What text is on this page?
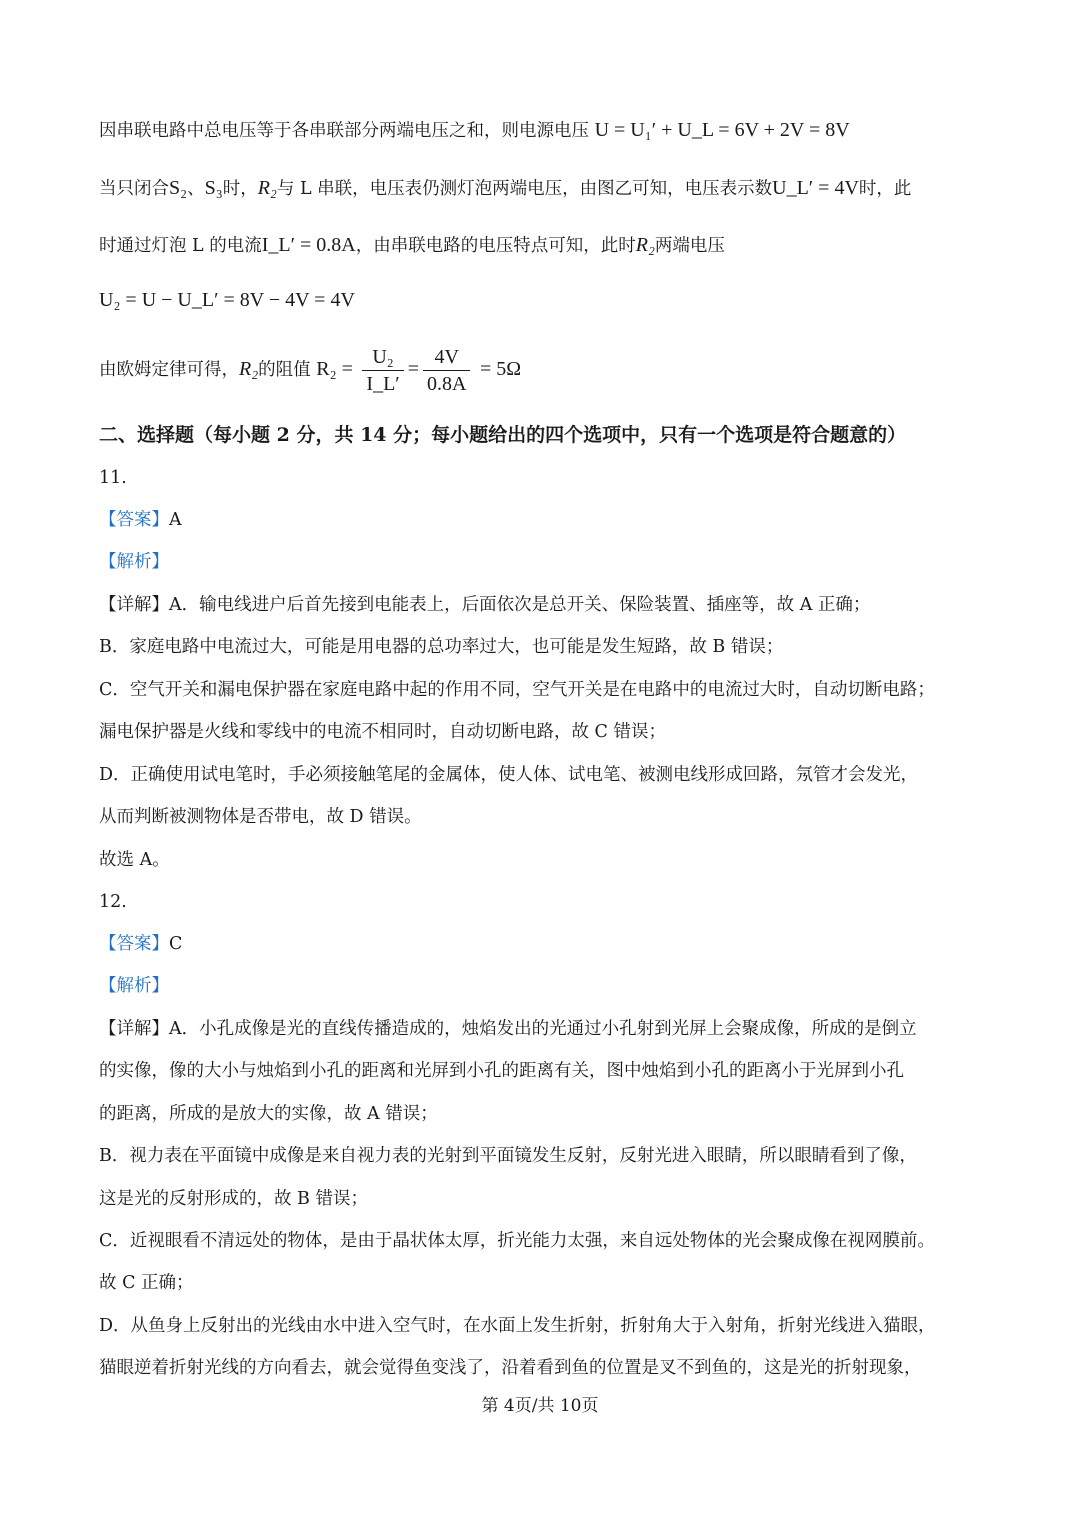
因串联电路中总电压等于各串联部分两端电压之和，则电源电压 U = U₁′ + U_L = 6V + 2V = 8V
当只闭合S₂、S₃时，R₂与 L 串联，电压表仍测灯泡两端电压，由图乙可知，电压表示数U_L′ = 4V时，此
时通过灯泡 L 的电流I_L′ = 0.8A，由串联电路的电压特点可知，此时R₂两端电压
U₂ = U − U_L′ = 8V − 4V = 4V
由欧姆定律可得，R₂的阻值 $R_2 = \frac{\text{U₂}}{I\_L'} = \frac{4V}{0.8A} = 5\Omega$
二、选择题（每小题 2 分，共 14 分；每小题给出的四个选项中，只有一个选项是符合题意的）
11.
【答案】A
【解析】
【详解】A．输电线进户后首先接到电能表上，后面依次是总开关、保险装置、插座等，故 A 正确；
B．家庭电路中电流过大，可能是用电器的总功率过大，也可能是发生短路，故 B 错误；
C．空气开关和漏电保护器在家庭电路中起的作用不同，空气开关是在电路中的电流过大时，自动切断电路；
漏电保护器是火线和零线中的电流不相同时，自动切断电路，故 C 错误；
D．正确使用试电笔时，手必须接触笔尾的金属体，使人体、试电笔、被测电线形成回路，氖管才会发光，
从而判断被测物体是否带电，故 D 错误。
故选 A。
12.
【答案】C
【解析】
【详解】A．小孔成像是光的直线传播造成的，烛焰发出的光通过小孔射到光屏上会聚成像，所成的是倒立
的实像，像的大小与烛焰到小孔的距离和光屏到小孔的距离有关，图中烛焰到小孔的距离小于光屏到小孔
的距离，所成的是放大的实像，故 A 错误；
B．视力表在平面镜中成像是来自视力表的光射到平面镜发生反射，反射光进入眼睛，所以眼睛看到了像，
这是光的反射形成的，故 B 错误；
C．近视眼看不清远处的物体，是由于晶状体太厚，折光能力太强，来自远处物体的光会聚成像在视网膜前。
故 C 正确；
D．从鱼身上反射出的光线由水中进入空气时，在水面上发生折射，折射角大于入射角，折射光线进入猫眼，
猫眼逆着折射光线的方向看去，就会觉得鱼变浅了，沿着看到鱼的位置是叉不到鱼的，这是光的折射现象，
第 4页/共 10页
